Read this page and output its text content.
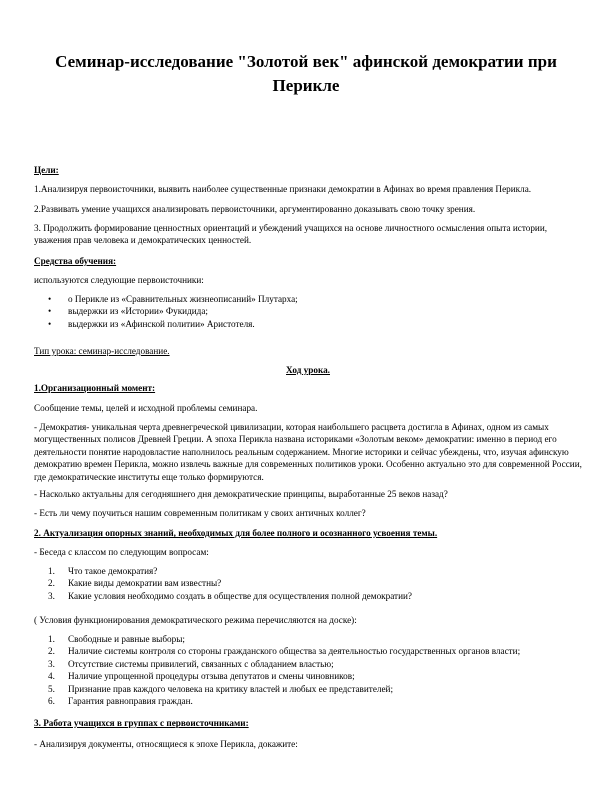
Семинар-исследование "Золотой век" афинской демократии при Перикле

Цели:

1.Анализируя первоисточники, выявить наиболее существенные признаки демократии в Афинах во время правления Перикла.

2.Развивать умение учащихся анализировать первоисточники, аргументированно доказывать свою точку зрения.

3. Продолжить формирование ценностных ориентаций и убеждений учащихся на основе личностного осмысления опыта истории, уважения прав человека и демократических ценностей.

Средства обучения:

используются следующие первоисточники:

• о Перикле из «Сравнительных жизнеописаний» Плутарха;
• выдержки из «Истории» Фукидида;
• выдержки из «Афинской политии» Аристотеля.

Тип урока: семинар-исследование.

Ход урока.

1.Организационный момент:

Сообщение темы, целей и исходной проблемы семинара.

- Демократия- уникальная черта древнегреческой цивилизации, которая наибольшего расцвета достигла в Афинах, одном из самых могущественных полисов Древней Греции. А эпоха Перикла названа историками «Золотым веком» демократии: именно в период его деятельности понятие народовластие наполнилось реальным содержанием. Многие историки и сейчас убеждены, что, изучая афинскую демократию времен Перикла, можно извлечь важные для современных политиков уроки. Особенно актуально это для современной России, где демократические институты еще только формируются.

- Насколько актуальны для сегодняшнего дня демократические принципы, выработанные 25 веков назад?

- Есть ли чему поучиться нашим современным политикам у своих античных коллег?

2. Актуализация опорных знаний, необходимых для более полного и осознанного усвоения темы.

- Беседа с классом по следующим вопросам:

1. Что такое демократия?
2. Какие виды демократии вам известны?
3. Какие условия необходимо создать в обществе для осуществления полной демократии?

( Условия функционирования демократического режима перечисляются на доске):

1. Свободные и равные выборы;
2. Наличие системы контроля со стороны гражданского общества за деятельностью государственных органов власти;
3. Отсутствие системы привилегий, связанных с обладанием властью;
4. Наличие упрощенной процедуры отзыва депутатов и смены чиновников;
5. Признание прав каждого человека на критику властей и любых ее представителей;
6. Гарантия равноправия граждан.

3. Работа учащихся в группах с первоисточниками:

- Анализируя документы, относящиеся к эпохе Перикла, докажите:
